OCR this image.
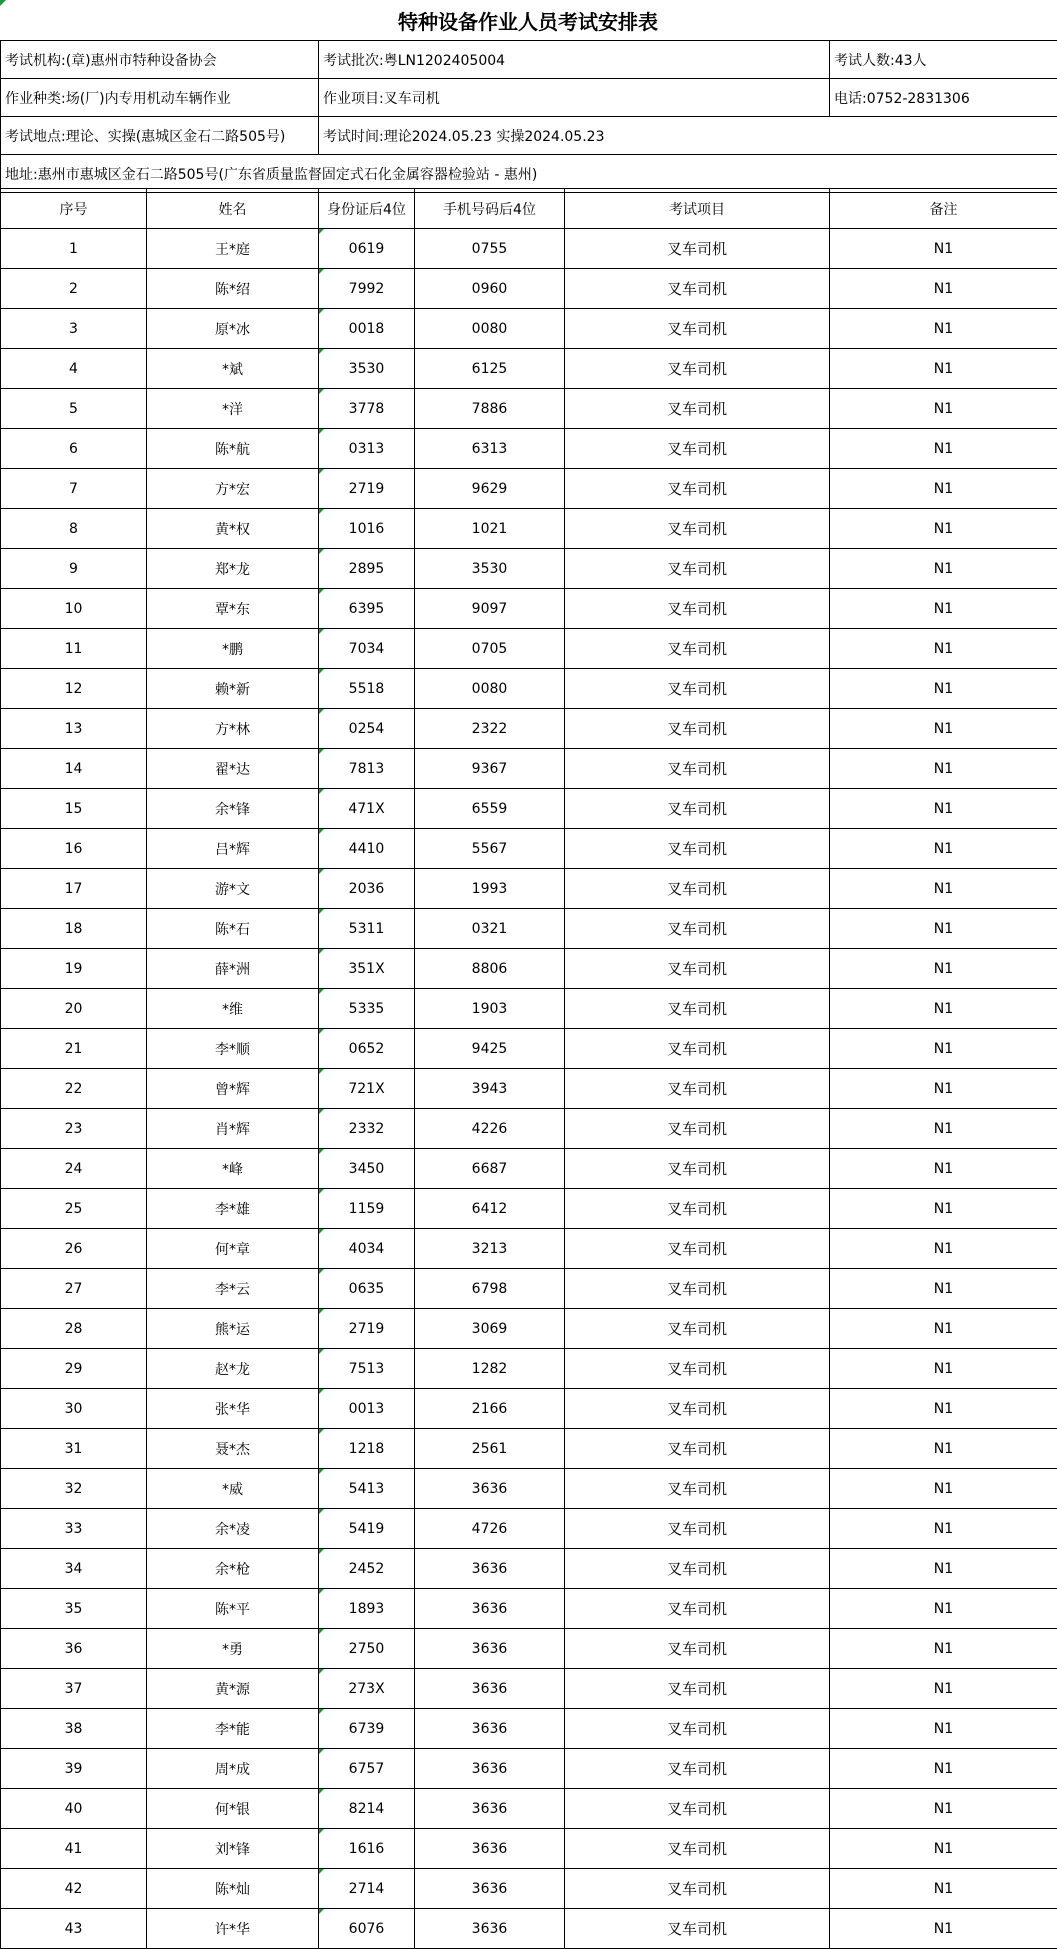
特种设备作业人员考试安排表
考试机构:(章)惠州市特种设备协会	考试批次:粤LN1202405004	考试人数:43人
作业种类:场(厂)内专用机动车辆作业	作业项目:叉车司机	电话:0752-2831306
考试地点:理论、实操(惠城区金石二路505号)	考试时间:理论2024.05.23 实操2024.05.23	
地址:惠州市惠城区金石二路505号(广东省质量监督固定式石化金属容器检验站 - 惠州)		
序号	姓名	身份证后4位	手机号码后4位	考试项目	备注
1	王*庭	0619	0755	叉车司机	N1
2	陈*绍	7992	0960	叉车司机	N1
3	原*冰	0018	0080	叉车司机	N1
4	*斌	3530	6125	叉车司机	N1
5	*洋	3778	7886	叉车司机	N1
6	陈*航	0313	6313	叉车司机	N1
7	方*宏	2719	9629	叉车司机	N1
8	黄*权	1016	1021	叉车司机	N1
9	郑*龙	2895	3530	叉车司机	N1
10	覃*东	6395	9097	叉车司机	N1
11	*鹏	7034	0705	叉车司机	N1
12	赖*新	5518	0080	叉车司机	N1
13	方*林	0254	2322	叉车司机	N1
14	翟*达	7813	9367	叉车司机	N1
15	余*锋	471X	6559	叉车司机	N1
16	吕*辉	4410	5567	叉车司机	N1
17	游*文	2036	1993	叉车司机	N1
18	陈*石	5311	0321	叉车司机	N1
19	薛*洲	351X	8806	叉车司机	N1
20	*维	5335	1903	叉车司机	N1
21	李*顺	0652	9425	叉车司机	N1
22	曾*辉	721X	3943	叉车司机	N1
23	肖*辉	2332	4226	叉车司机	N1
24	*峰	3450	6687	叉车司机	N1
25	李*雄	1159	6412	叉车司机	N1
26	何*章	4034	3213	叉车司机	N1
27	李*云	0635	6798	叉车司机	N1
28	熊*运	2719	3069	叉车司机	N1
29	赵*龙	7513	1282	叉车司机	N1
30	张*华	0013	2166	叉车司机	N1
31	聂*杰	1218	2561	叉车司机	N1
32	*威	5413	3636	叉车司机	N1
33	余*凌	5419	4726	叉车司机	N1
34	余*枪	2452	3636	叉车司机	N1
35	陈*平	1893	3636	叉车司机	N1
36	*勇	2750	3636	叉车司机	N1
37	黄*源	273X	3636	叉车司机	N1
38	李*能	6739	3636	叉车司机	N1
39	周*成	6757	3636	叉车司机	N1
40	何*银	8214	3636	叉车司机	N1
41	刘*锋	1616	3636	叉车司机	N1
42	陈*灿	2714	3636	叉车司机	N1
43	许*华	6076	3636	叉车司机	N1
